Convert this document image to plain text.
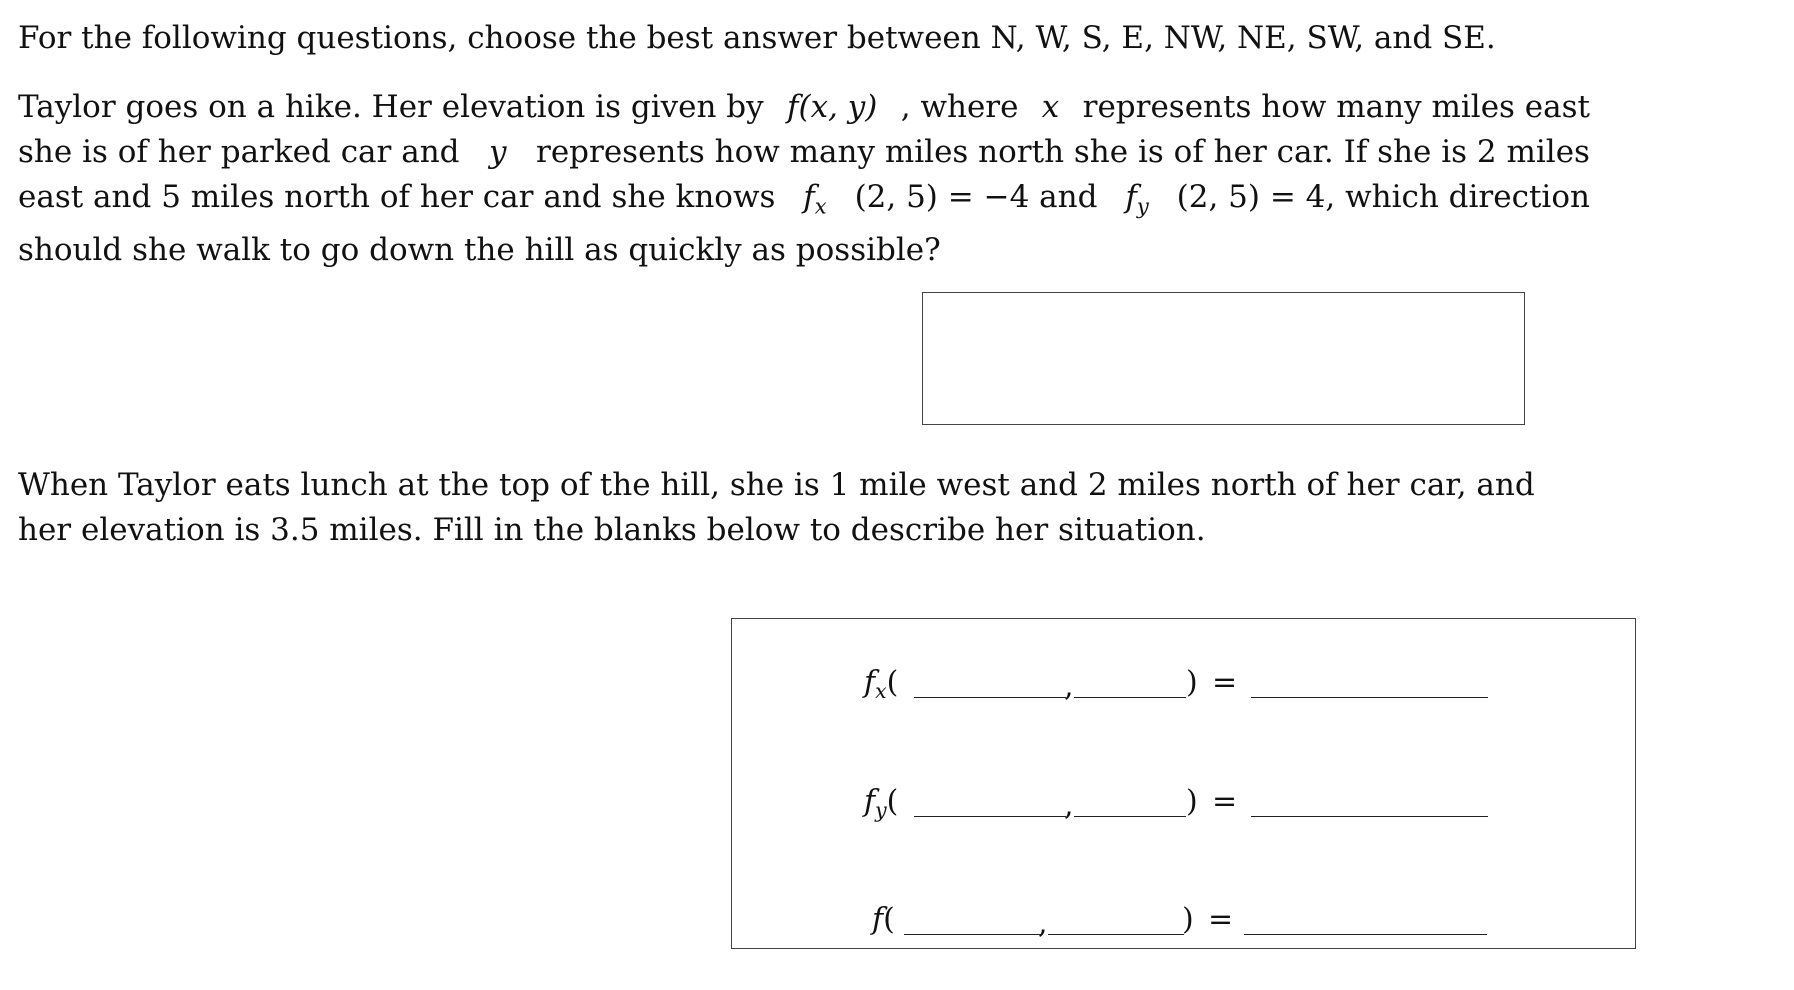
For the following questions, choose the best answer between N, W, S, E, NW, NE, SW, and SE.

Taylor goes on a hike. Her elevation is given by f(x, y) , where x represents how many miles east
she is of her parked car and y represents how many miles north she is of her car. If she is 2 miles
east and 5 miles north of her car and she knows $f_x$ (2, 5) = −4 and $f_y$ (2, 5) = 4, which direction
should she walk to go down the hill as quickly as possible?
When Taylor eats lunch at the top of the hill, she is 1 mile west and 2 miles north of her car, and
her elevation is 3.5 miles. Fill in the blanks below to describe her situation.
$f_x$(	,	) =
$f_y$(	,	) =
f(	,	) =
